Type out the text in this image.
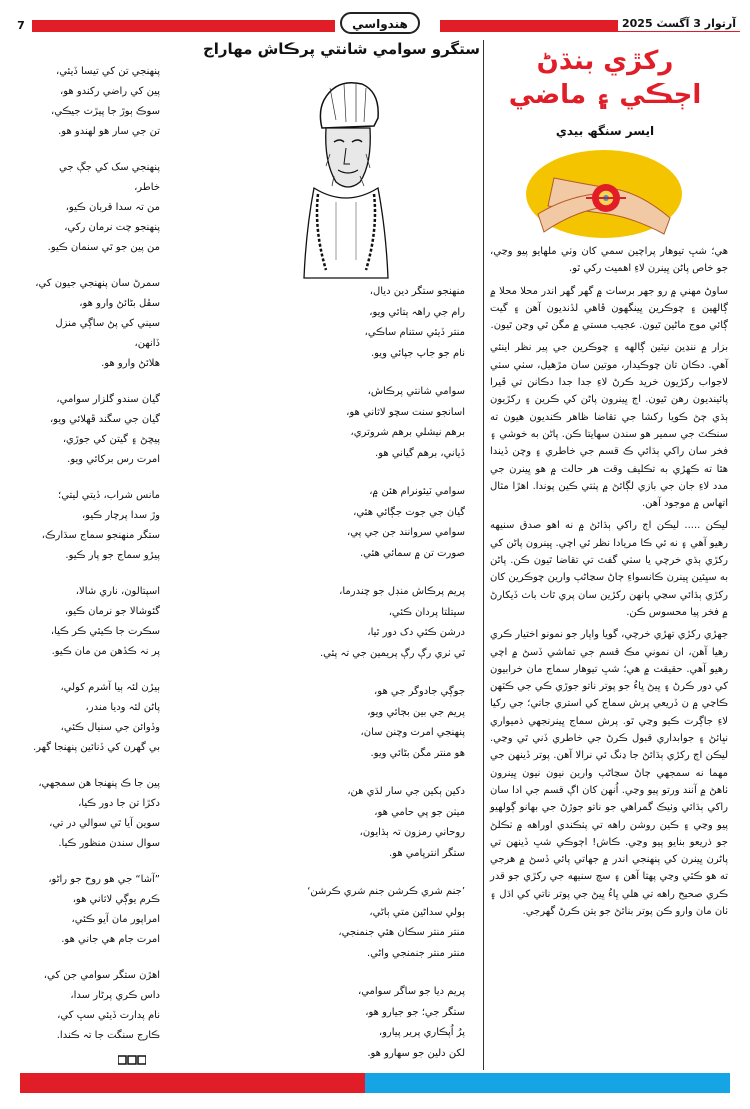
7	هندواسي	آرتوار 3 آگسٽ 2025
ستگرو سوامي شانتي پرڪاش مهاراج
پنهنجي تن کي تيسا ڏيئي،
پين کي راضي رکندو هو،
سوڪ ٻوڙ جا پيڙت جيڪي،
تن جي سار هو لهندو هو.
پنهنجي سک کي جڳ جي خاطر،
من تہ سدا قربان ڪيو،
پنهنجو چت نرمان رکي،
من پين جو ٿي سنمان ڪيو.
سمرڻ سان پنهنجي جيون کي،
سڦل بڻائڻ وارو هو،
سيني کي پڻ ساڳي منزل ڏانهن،
هلائڻ وارو هو.
گيان سندو گلزار سوامي،
گيان جي سگند ڦهلائي ويو،
پيڇڻ ۽ گيتن کي جوڙي،
امرت رس برکائي ويو.
مانس شراب، ڏيتي ليتي؛
وڙ سدا پرچار ڪيو،
ستگر منهنجو سماج سڌارڪ،
پيڙو سماج جو پار ڪيو.
اسپتالون، ناري شالا،
گئوشالا جو نرمان ڪيو،
سڪرت جا ڪيئي ڪر ڪيا،
پر نہ ڪڏهن من مان ڪيو.
ٻيڙن لئہ ٻيا آشرم کولي،
پاڻن لئہ وديا مندر،
وڏوائن جي سنيال ڪئي،
بي گهرن کي ڏنائين پنهنجا گهر.
پين جا ڪ پنهنجا هن سمجهي،
دکڙا تن جا دور ڪيا،
سوين آيا ٿي سوالي در تي،
سوال سندن منظور ڪيا.
”آشا“ جي هو روح جو راڻو،
ڪرم يوڳي لاثاني هو،
امراپور مان آيو ڪئي،
امرت جام هي جاني هو.
اهڙن ستگر سوامي جن کي،
داس ڪري پرڻار سدا،
نام پدارت ڏيئي سڀ کي،
ڪارج سنگت جا تہ ڪندا.
منهنجو ستگر دين ديال،
رام جي راهہ ٻتائي ويو،
منتر ڏيئي ستنام ساڪي،
نام جو جاپ جپائي ويو.
سوامي شانتي پرڪاش،
اسانجو سنت سچو لاثاني هو،
برهم نيشلي برهم شروتري،
ڏياني، برهم گياني هو.
سوامي ٽيئونرام هئن ۾،
گيان جي جوت جڳائي هئي،
سوامي سروانند جن جي پي،
صورت تن ۾ سمائي هئي.
پريم پرڪاش منڊل جو چندرما،
سيتلتا پردان ڪئي،
درشن ڪئي دک دور ٿيا،
ٿي ٺري رڳ رڳ پريمين جي تہ پئي.
جوڳي جادوگر جي هو،
پريم جي بين بڄائي ويو،
پنهنجي امرت وچنن سان،
هو منتر مگن بڻائي ويو.
دکين ٻکين جي سار لڌي هن،
ميٺن جو پي حامي هو،
روحاني رمزون تہ ٻڌايون،
ستگر انترپامي هو.
’جنم شري ڪرشن جنم شري ڪرشن‘
ٻولي سداڻين متي ٻاڻي،
منتر منتر سڪان هئي جنمنجي،
منتر منتر جنمنجي واڻي.
پريم ديا جو ساگر سوامي،
ستگر جي؛ جو جيارو هو،
پرُ اُپڪاري پرير پيارو،
لکن دلين جو سهارو هو.
رکڙي بنڌڻ
اڄڪي ۽ ماضي
ايسر سنگھ بيدي

هي؛ شڀ تيوهار پراچين سمي کان وٺي ملهايو پيو وڃي، جو خاص پاڻن ڀينرن لاءِ اهميت رکي ٿو.

ساوڻ مهني ۾ رو جهر برسات ۾ گهر گهر اندر محلا محلا ۾ ڳالهين ۽ چوڪرين ڀينگهون ڦاهي لڏنديون آهن ۽ گيت ڳائي موج ماڻين ٿيون. عجيب مستي ۾ مگن ٿي وڃن ٿيون.

بزار ۾ ننڍين نيٽين ڳالهه ۽ چوڪرين جي پير نظر اينئي آهي. دڪان تان چوڪيدار، موتين سان مڙهيل، سٺي سٺي لاجواب رکڙيون خريد ڪرڻ لاءِ جدا جدا دڪانن تي ڦيرا پائينديون رهن ٿيون. اڄ ڀينرون پاڻن کي ڪرين ۽ رکڙيون ٻڌي ڄڻ ڪويا رکشا جي تقاضا ظاهر ڪنديون هيون ته سنڪٽ جي سمير هو سندن سهايتا ڪن. پاڻن به خوشي ۽ فخر سان راکي ٻڌائي ڪ قسم جي خاطري ۽ وچن ڏيندا هئا ته ڪهڙي به تڪليف وقت هر حالت ۾ هو ڀينرن جي مدد لاءِ جان جي بازي لڳائڻ ۾ پٺتي ڪين پوندا. اهڙا مثال اتهاس ۾ موجود آهن.

ليڪن ..... ليڪن اڄ راکي ٻڌائڻ ۾ نه اهو صدق سنيهه رهيو آهي ۽ نه ئي ڪا مريادا نظر ٿي اچي. ڀينرون پاڻن کي رکڙي ٻڌي خرچي يا سٺي گفٽ تي تقاضا ٿيون ڪن. پاڻن به سڀئين ڀينرن ڪانسواءِ ڄاڻ سڃاڻپ وارين چوڪرين کان رکڙي ٻڌائي سڃي ٻانهن رکڙين سان پري ٿاٺ باٺ ڏيکارڻ ۾ فخر پيا محسوس ڪن.

جهڙي رکڙي تهڙي خرچي، گويا واپار جو نمونو اختيار ڪري رهيا آهن، ان نموني مڪ قسم جي تماشي ڏسڻ ۾ اچي رهيو آهي. حقيقت ۾ هي؛ شڀ تيوهار سماج مان خرابيون کي دور ڪرڻ ۽ ڀيڻ ڀاءُ جو پوتر ناتو جوڙي ڪي جي ڪٽهن ڪاڃي ۾ ن ڏريعي پرش سماج کي استري جاتي؛ جي رکيا لاءِ جاڳرت ڪيو وڃي ٿو. پرش سماج ڀينرنجهي ذميواري نڀائڻ ۽ جوابداري قبول ڪرڻ جي خاطري ڏني ٿي وڃي. ليڪن اڄ رکڙي ٻڌائڻ جا ڍنگ ئي نرالا آهن. پوتر ڏينهن جي مهما نه سمجهي ڄاڻ سڃاڻپ وارين نيون نيون ڀينرون ٺاهڻ ۾ آنند ورتو پيو وڃي. اُنهن کان اڳ قسم جي ادا سان راکي ٻڌائي وٺيڪ گمراهي جو ناتو جوڙڻ جي بهانو ڳولهيو پيو وڃي ۽ ڪين روشن راهه تي پٺڪندي اوراهه ۾ ٺڪلڻ جو ذريعو بنايو پيو وڃي. ڪاش! اڄوڪي شڀ ڏينهن تي پاڻرن ڀينرن کي پنهنجي اندر ۾ جهاتي پائي ڏسڻ ۾ هرجي ته هو ڪٿي وڃي پهتا آهن ۽ سڄ سنيهه جي رکڙي جو قدر ڪري صحيح راهه تي هلي ڀاءُ ڀيڻ جي پوتر ناتي کي اڌل ۽ ٺان مان وارو ڪن پوتر بنائڻ جو يتن ڪرڻ گهرجي.
